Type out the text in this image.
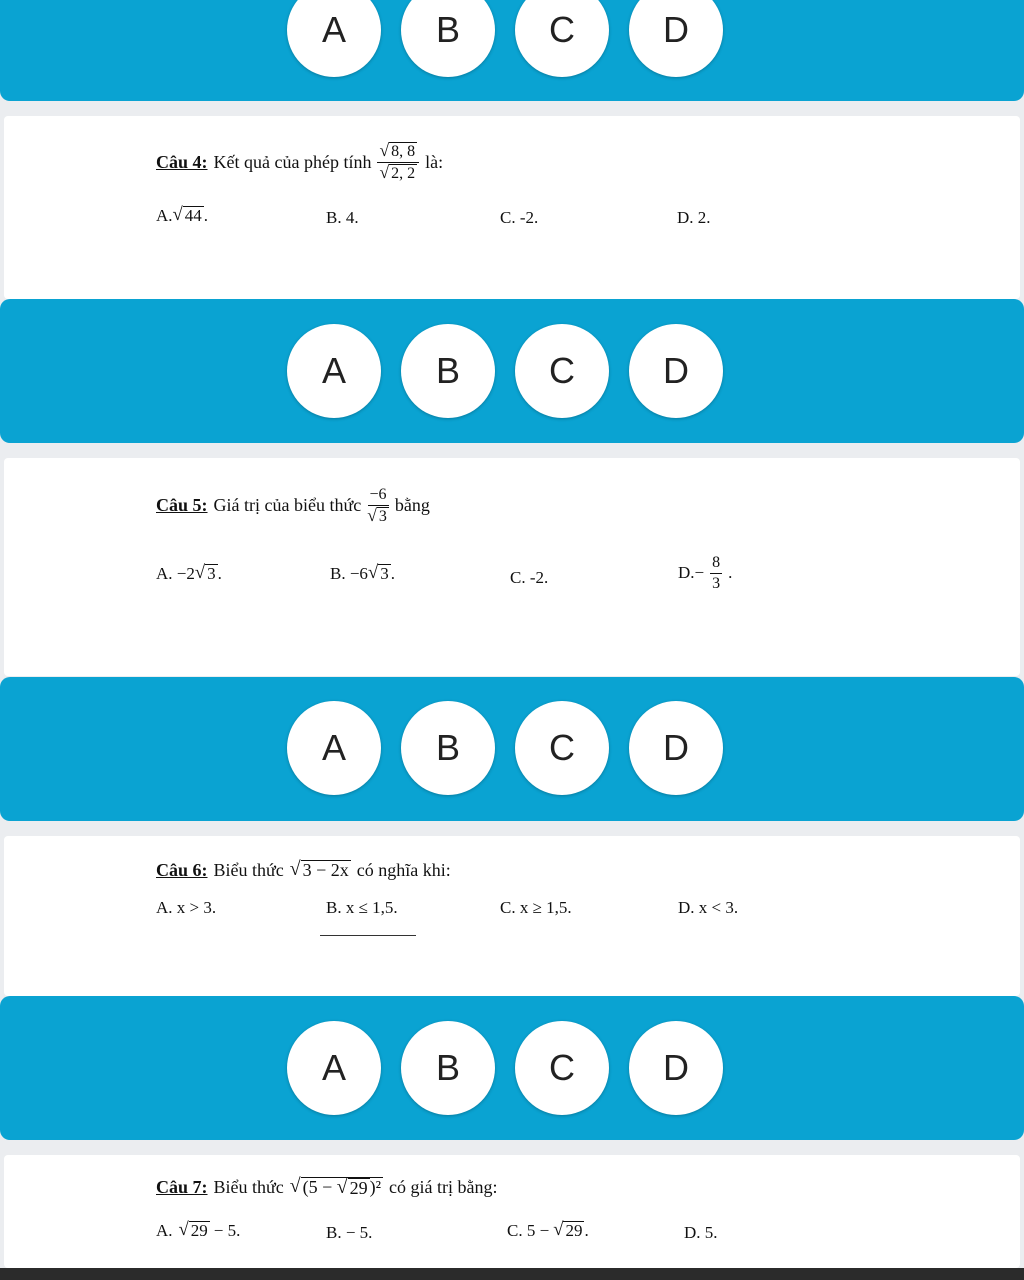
A	B	C	D
Câu 4: Kết quả của phép tính $\frac{√ 8, 8}{√ 2, 2}$ là:
A. √ 44 .	B. 4.	C. -2.	D. 2.
A	B	C	D
Câu 5: Giá trị của biểu thức $\frac{-6}{√ 3}$ bằng
A. −2 √ 3 .	B. −6 √ 3 .	C. -2.	$D.- \frac{8}{3}$ .
A	B	C	D
Câu 6: Biểu thức √ 3 − 2x có nghĩa khi:
A. x > 3.	B. x ≤ 1,5.	C. x ≥ 1,5.	D. x < 3.
A	B	C	D
Câu 7: Biểu thức √ (5 − √ 29 )² có giá trị bằng:
A. √ 29 − 5.	B. − 5.	C. 5 − √ 29 .	D. 5.
